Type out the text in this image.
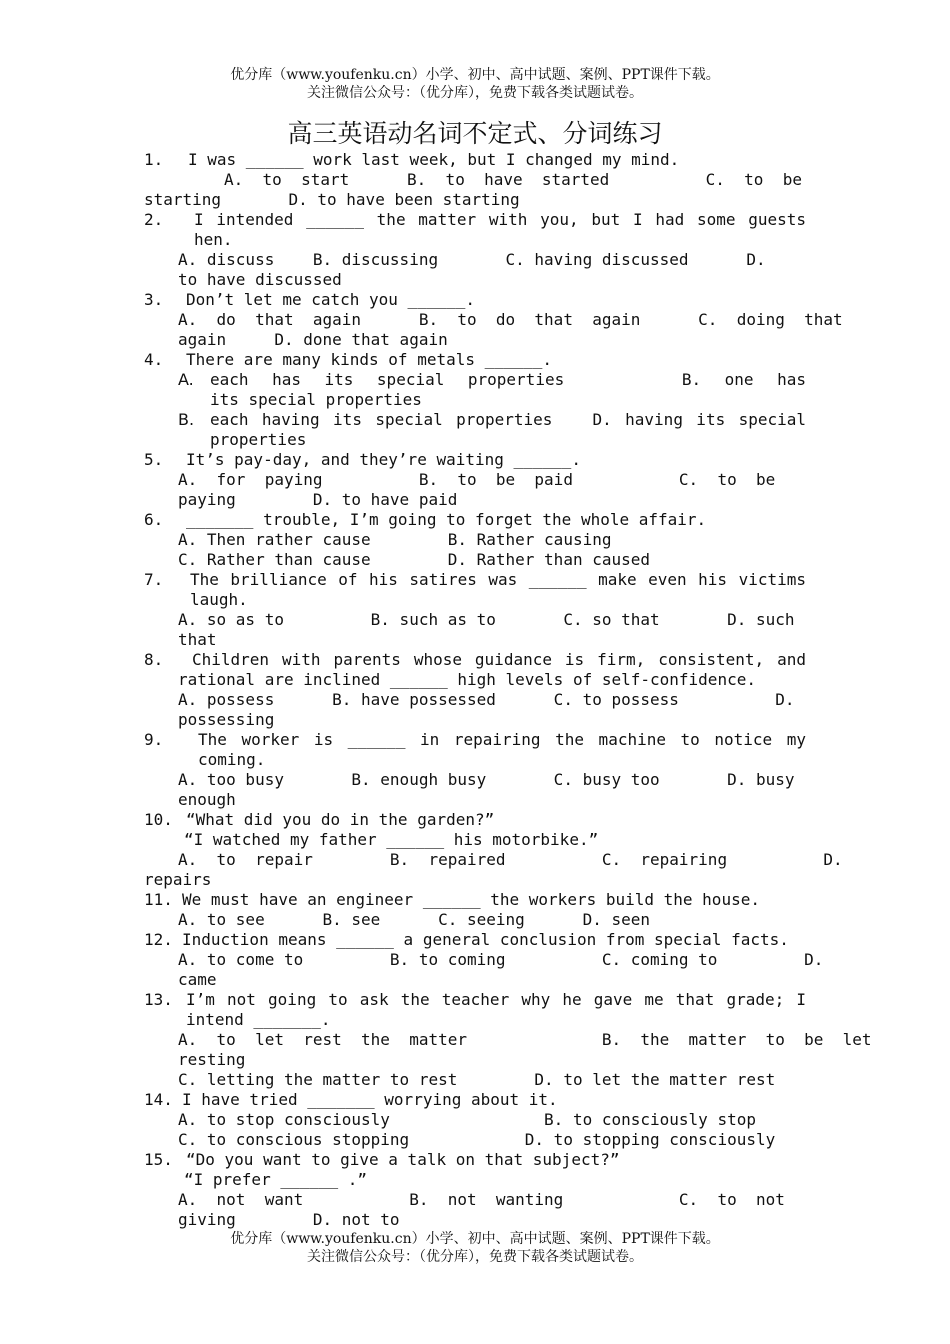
优分库（www.youfenku.cn）小学、初中、高中试题、案例、PPT课件下载。
关注微信公众号：（优分库），免费下载各类试题试卷。
高三英语动名词不定式、分词练习
1.	I was ______ work last week, but I changed my mind.
A.  to  start      B.  to  have  started          C.  to  be
starting       D. to have been starting
2.	I intended ______ the matter with you, but I had some guests hen.
A. discuss    B. discussing       C. having discussed      D.
to have discussed
3.	Don’t let me catch you ______.
A.  do  that  again      B.  to  do  that  again      C.  doing  that
again     D. done that again
4.	There are many kinds of metals ______.
A.	each  has  its  special  properties          B.  one  has  its special properties
B. each having its special properties   D. having its special properties
5.	It’s pay-day, and they’re waiting ______.
A.  for  paying          B.  to  be  paid           C.  to  be
paying        D. to have paid
6.	_______ trouble, I’m going to forget the whole affair.
A. Then rather cause        B. Rather causing
C. Rather than cause        D. Rather than caused
7.	The brilliance of his satires was ______ make even his victims laugh.
A. so as to         B. such as to       C. so that       D. such
that
8.	Children with parents whose guidance is firm, consistent, and
rational are inclined ______ high levels of self-confidence.
A. possess      B. have possessed      C. to possess          D.
possessing
9.	The worker is ______ in repairing the machine to notice my coming.
A. too busy       B. enough busy       C. busy too       D. busy
enough
10. “What did you do in the garden?”
“I watched my father ______ his motorbike.”
A.  to  repair        B.  repaired          C.  repairing          D.
repairs
11. We must have an engineer ______ the workers build the house.
A. to see      B. see      C. seeing      D. seen
12. Induction means ______ a general conclusion from special facts.
A. to come to         B. to coming          C. coming to         D.
came
13. I’m not going to ask the teacher why he gave me that grade; I intend _______.
A.  to  let  rest  the  matter              B.  the  matter  to  be  let
resting
C. letting the matter to rest        D. to let the matter rest
14. I have tried _______ worrying about it.
A. to stop consciously                B. to consciously stop
C. to conscious stopping            D. to stopping consciously
15. “Do you want to give a talk on that subject?”
“I prefer ______ .”
A.  not  want           B.  not  wanting            C.  to  not
giving        D. not to
优分库（www.youfenku.cn）小学、初中、高中试题、案例、PPT课件下载。
关注微信公众号：（优分库），免费下载各类试题试卷。
